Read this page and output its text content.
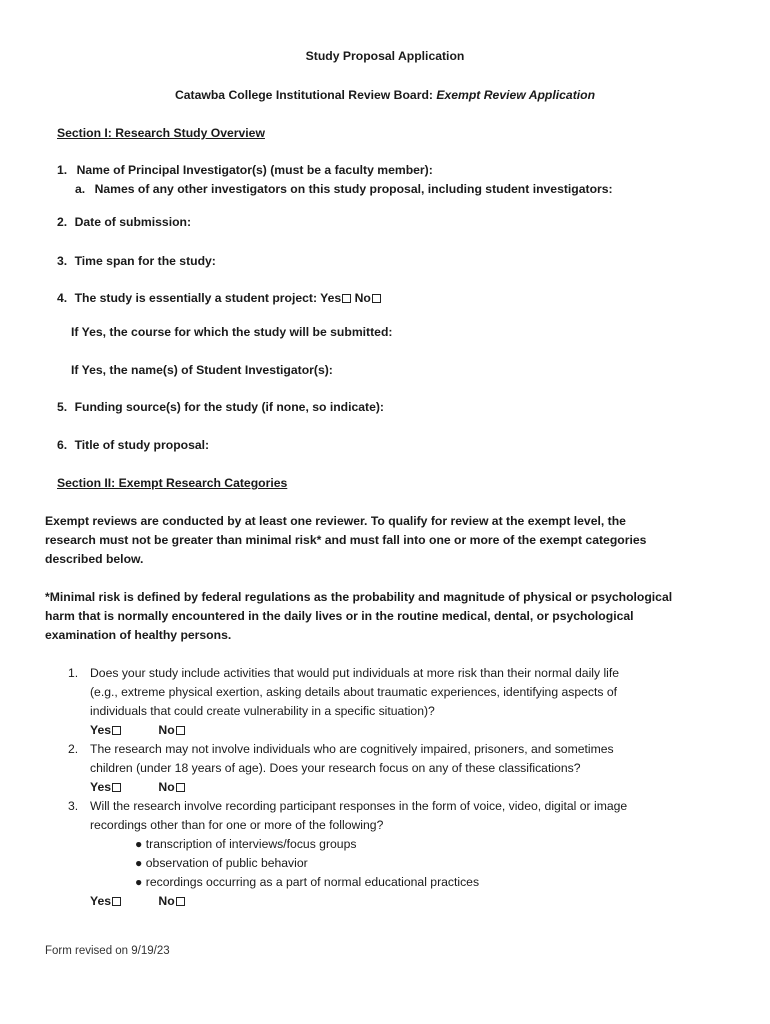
Study Proposal Application
Catawba College Institutional Review Board: Exempt Review Application
Section I: Research Study Overview
1. Name of Principal Investigator(s) (must be a faculty member):
a. Names of any other investigators on this study proposal, including student investigators:
2. Date of submission:
3. Time span for the study:
4. The study is essentially a student project: Yes No
If Yes, the course for which the study will be submitted:
If Yes, the name(s) of Student Investigator(s):
5. Funding source(s) for the study (if none, so indicate):
6. Title of study proposal:
Section II: Exempt Research Categories
Exempt reviews are conducted by at least one reviewer. To qualify for review at the exempt level, the
research must not be greater than minimal risk* and must fall into one or more of the exempt categories
described below.
*Minimal risk is defined by federal regulations as the probability and magnitude of physical or psychological
harm that is normally encountered in the daily lives or in the routine medical, dental, or psychological
examination of healthy persons.
1. Does your study include activities that would put individuals at more risk than their normal daily life
(e.g., extreme physical exertion, asking details about traumatic experiences, identifying aspects of
individuals that could create vulnerability in a specific situation)?
Yes	No
2. The research may not involve individuals who are cognitively impaired, prisoners, and sometimes
children (under 18 years of age). Does your research focus on any of these classifications?
Yes	No
3. Will the research involve recording participant responses in the form of voice, video, digital or image
recordings other than for one or more of the following?
● transcription of interviews/focus groups
● observation of public behavior
● recordings occurring as a part of normal educational practices
Yes	No
Form revised on 9/19/23
